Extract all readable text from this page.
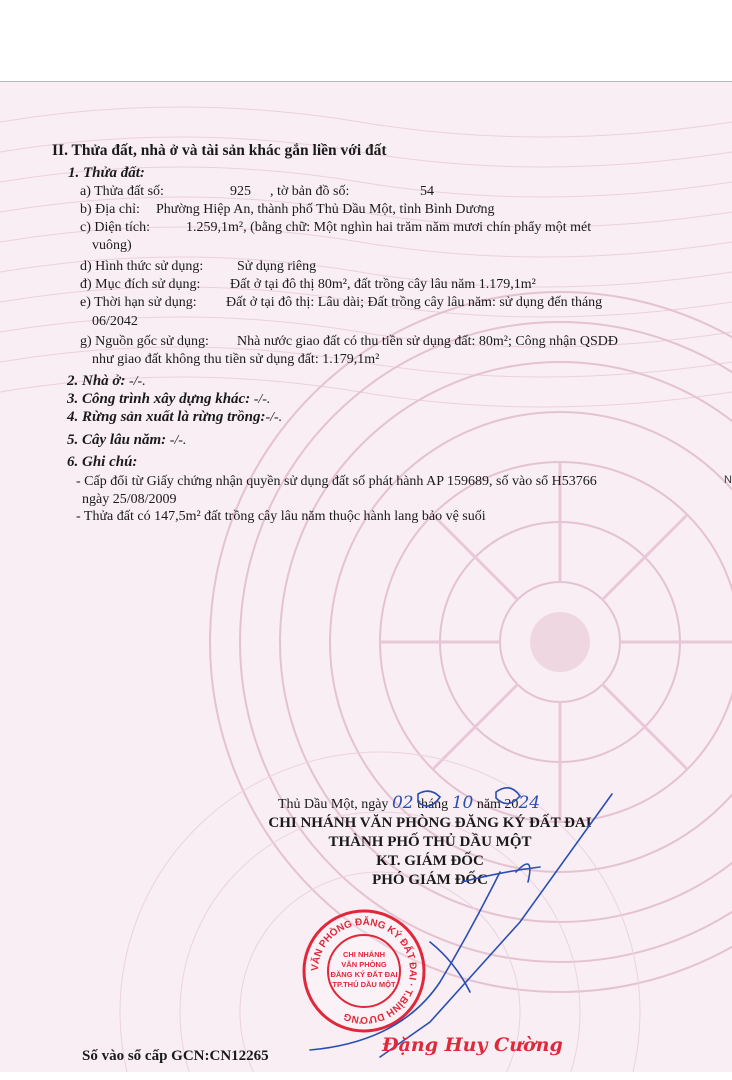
II. Thửa đất, nhà ở và tài sản khác gắn liền với đất
1. Thửa đất:
a) Thửa đất số:	925 , tờ bản đồ số:	54
b) Địa chỉ: Phường Hiệp An, thành phố Thủ Dầu Một, tỉnh Bình Dương
c) Diện tích:	1.259,1m², (bằng chữ: Một nghìn hai trăm năm mươi chín phẩy một mét
vuông)
d) Hình thức sử dụng: Sử dụng riêng
đ) Mục đích sử dụng: Đất ở tại đô thị 80m², đất trồng cây lâu năm 1.179,1m²
e) Thời hạn sử dụng: Đất ở tại đô thị: Lâu dài; Đất trồng cây lâu năm: sử dụng đến tháng
06/2042
g) Nguồn gốc sử dụng: Nhà nước giao đất có thu tiền sử dụng đất: 80m²; Công nhận QSDĐ
như giao đất không thu tiền sử dụng đất: 1.179,1m²
2. Nhà ở: -/-.
3. Công trình xây dựng khác: -/-.
4. Rừng sản xuất là rừng trồng:-/-.
5. Cây lâu năm: -/-.
6. Ghi chú:
- Cấp đổi từ Giấy chứng nhận quyền sử dụng đất số phát hành AP 159689, số vào sổ H53766
ngày 25/08/2009
- Thửa đất có 147,5m² đất trồng cây lâu năm thuộc hành lang bảo vệ suối
Thủ Dầu Một, ngày 02 tháng 10 năm 2024
CHI NHÁNH VĂN PHÒNG ĐĂNG KÝ ĐẤT ĐAI
THÀNH PHỐ THỦ DẦU MỘT
KT. GIÁM ĐỐC
PHÓ GIÁM ĐỐC
VĂN PHÒNG ĐĂNG KÝ ĐẤT ĐAI · T.BÌNH DƯƠNG
CHI NHÁNH
VĂN PHÒNG
ĐĂNG KÝ ĐẤT ĐAI
TP.THỦ DẦU MỘT
Đặng Huy Cường
Số vào sổ cấp GCN:CN12265
N
